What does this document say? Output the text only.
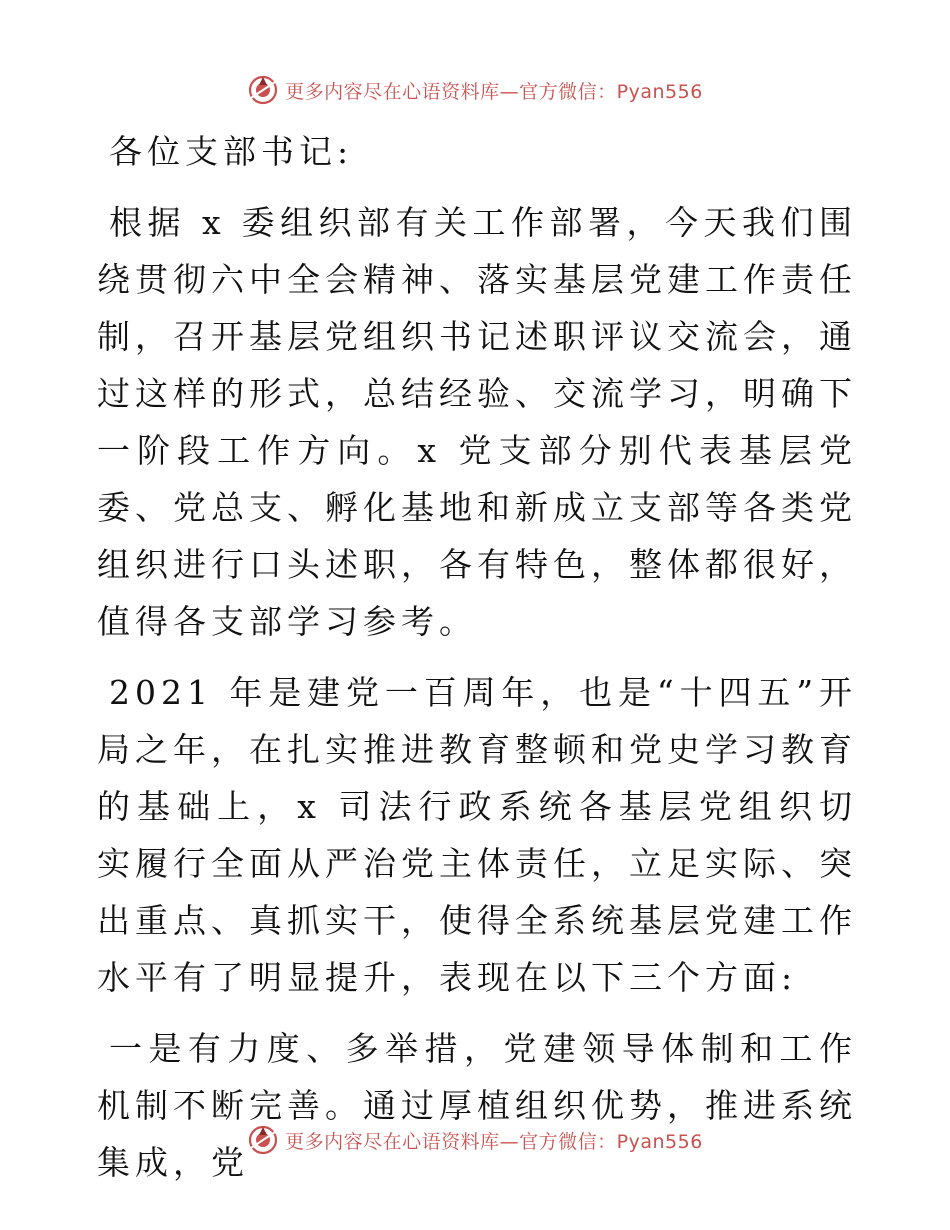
更多内容尽在心语资料库—官方微信：Pyan556

各位支部书记:

根据 x 委组织部有关工作部署，今天我们围绕贯彻六中全会精神、落实基层党建工作责任制，召开基层党组织书记述职评议交流会，通过这样的形式，总结经验、交流学习，明确下一阶段工作方向。x 党支部分别代表基层党委、党总支、孵化基地和新成立支部等各类党组织进行口头述职，各有特色，整体都很好，值得各支部学习参考。

2021 年是建党一百周年，也是“十四五”开局之年，在扎实推进教育整顿和党史学习教育的基础上，x 司法行政系统各基层党组织切实履行全面从严治党主体责任，立足实际、突出重点、真抓实干，使得全系统基层党建工作水平有了明显提升，表现在以下三个方面:

一是有力度、多举措，党建领导体制和工作机制不断完善。通过厚植组织优势，推进系统集成，党

更多内容尽在心语资料库—官方微信：Pyan556
